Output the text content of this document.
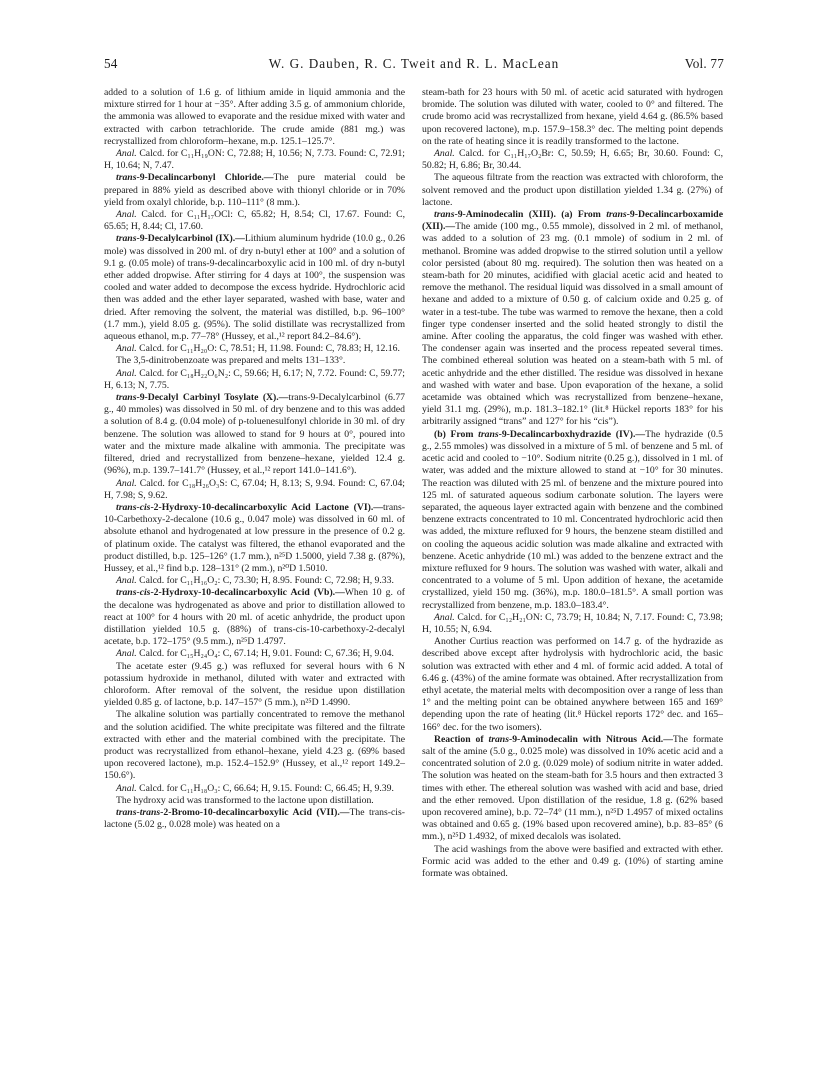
54	W. G. Dauben, R. C. Tweit and R. L. MacLean	Vol. 77

added to a solution of 1.6 g. of lithium amide in liquid ammonia and the mixture stirred for 1 hour at −35°. After adding 3.5 g. of ammonium chloride, the ammonia was allowed to evaporate and the residue mixed with water and extracted with carbon tetrachloride. The crude amide (881 mg.) was recrystallized from chloroform–hexane, m.p. 125.1–125.7°.

Anal. Calcd. for C₁₁H₁₉ON: C, 72.88; H, 10.56; N, 7.73. Found: C, 72.91; H, 10.64; N, 7.47.

trans-9-Decalincarbonyl Chloride.—The pure material could be prepared in 88% yield as described above with thionyl chloride or in 70% yield from oxalyl chloride, b.p. 110–111° (8 mm.).

Anal. Calcd. for C₁₁H₁₇OCl: C, 65.82; H, 8.54; Cl, 17.67. Found: C, 65.65; H, 8.44; Cl, 17.60.

trans-9-Decalylcarbinol (IX).—Lithium aluminum hydride (10.0 g., 0.26 mole) was dissolved in 200 ml. of dry n-butyl ether at 100° and a solution of 9.1 g. (0.05 mole) of trans-9-decalincarboxylic acid in 100 ml. of dry n-butyl ether added dropwise. After stirring for 4 days at 100°, the suspension was cooled and water added to decompose the excess hydride. Hydrochloric acid then was added and the ether layer separated, washed with base, water and dried. After removing the solvent, the material was distilled, b.p. 96–100° (1.7 mm.), yield 8.05 g. (95%). The solid distillate was recrystallized from aqueous ethanol, m.p. 77–78° (Hussey, et al.,¹² report 84.2–84.6°).

Anal. Calcd. for C₁₁H₂₀O: C, 78.51; H, 11.98. Found: C, 78.83; H, 12.16.

The 3,5-dinitrobenzoate was prepared and melts 131–133°.

Anal. Calcd. for C₁₈H₂₂O₆N₂: C, 59.66; H, 6.17; N, 7.72. Found: C, 59.77; H, 6.13; N, 7.75.

trans-9-Decalyl Carbinyl Tosylate (X).—trans-9-Decalylcarbinol (6.77 g., 40 mmoles) was dissolved in 50 ml. of dry benzene and to this was added a solution of 8.4 g. (0.04 mole) of p-toluenesulfonyl chloride in 30 ml. of dry benzene. The solution was allowed to stand for 9 hours at 0°, poured into water and the mixture made alkaline with ammonia. The precipitate was filtered, dried and recrystallized from benzene–hexane, yielded 12.4 g. (96%), m.p. 139.7–141.7° (Hussey, et al.,¹² report 141.0–141.6°).

Anal. Calcd. for C₁₈H₂₆O₃S: C, 67.04; H, 8.13; S, 9.94. Found: C, 67.04; H, 7.98; S, 9.62.

trans-cis-2-Hydroxy-10-decalincarboxylic Acid Lactone (VI).—trans-10-Carbethoxy-2-decalone (10.6 g., 0.047 mole) was dissolved in 60 ml. of absolute ethanol and hydrogenated at low pressure in the presence of 0.2 g. of platinum oxide. The catalyst was filtered, the ethanol evaporated and the product distilled, b.p. 125–126° (1.7 mm.), n²⁵D 1.5000, yield 7.38 g. (87%), Hussey, et al.,¹² find b.p. 128–131° (2 mm.), n²⁰D 1.5010.

Anal. Calcd. for C₁₁H₁₆O₂: C, 73.30; H, 8.95. Found: C, 72.98; H, 9.33.

trans-cis-2-Hydroxy-10-decalincarboxylic Acid (Vb).—When 10 g. of the decalone was hydrogenated as above and prior to distillation allowed to react at 100° for 4 hours with 20 ml. of acetic anhydride, the product upon distillation yielded 10.5 g. (88%) of trans-cis-10-carbethoxy-2-decalyl acetate, b.p. 172–175° (9.5 mm.), n²⁵D 1.4797.

Anal. Calcd. for C₁₅H₂₄O₄: C, 67.14; H, 9.01. Found: C, 67.36; H, 9.04.

The acetate ester (9.45 g.) was refluxed for several hours with 6 N potassium hydroxide in methanol, diluted with water and extracted with chloroform. After removal of the solvent, the residue upon distillation yielded 0.85 g. of lactone, b.p. 147–157° (5 mm.), n²⁵D 1.4990.

The alkaline solution was partially concentrated to remove the methanol and the solution acidified. The white precipitate was filtered and the filtrate extracted with ether and the material combined with the precipitate. The product was recrystallized from ethanol–hexane, yield 4.23 g. (69% based upon recovered lactone), m.p. 152.4–152.9° (Hussey, et al.,¹² report 149.2–150.6°).

Anal. Calcd. for C₁₁H₁₈O₃: C, 66.64; H, 9.15. Found: C, 66.45; H, 9.39.

The hydroxy acid was transformed to the lactone upon distillation.

trans-trans-2-Bromo-10-decalincarboxylic Acid (VII).—The trans-cis-lactone (5.02 g., 0.028 mole) was heated on a

steam-bath for 23 hours with 50 ml. of acetic acid saturated with hydrogen bromide. The solution was diluted with water, cooled to 0° and filtered. The crude bromo acid was recrystallized from hexane, yield 4.64 g. (86.5% based upon recovered lactone), m.p. 157.9–158.3° dec. The melting point depends on the rate of heating since it is readily transformed to the lactone.

Anal. Calcd. for C₁₁H₁₇O₂Br: C, 50.59; H, 6.65; Br, 30.60. Found: C, 50.82; H, 6.86; Br, 30.44.

The aqueous filtrate from the reaction was extracted with chloroform, the solvent removed and the product upon distillation yielded 1.34 g. (27%) of lactone.

trans-9-Aminodecalin (XIII). (a) From trans-9-Decalincarboxamide (XII).—The amide (100 mg., 0.55 mmole), dissolved in 2 ml. of methanol, was added to a solution of 23 mg. (0.1 mmole) of sodium in 2 ml. of methanol. Bromine was added dropwise to the stirred solution until a yellow color persisted (about 80 mg. required). The solution then was heated on a steam-bath for 20 minutes, acidified with glacial acetic acid and heated to remove the methanol. The residual liquid was dissolved in a small amount of hexane and added to a mixture of 0.50 g. of calcium oxide and 0.25 g. of water in a test-tube. The tube was warmed to remove the hexane, then a cold finger type condenser inserted and the solid heated strongly to distil the amine. After cooling the apparatus, the cold finger was washed with ether. The condenser again was inserted and the process repeated several times. The combined ethereal solution was heated on a steam-bath with 5 ml. of acetic anhydride and the ether distilled. The residue was dissolved in hexane and washed with water and base. Upon evaporation of the hexane, a solid acetamide was obtained which was recrystallized from benzene–hexane, yield 31.1 mg. (29%), m.p. 181.3–182.1° (lit.⁸ Hückel reports 183° for his arbitrarily assigned “trans” and 127° for his “cis”).

(b) From trans-9-Decalincarboxhydrazide (IV).—The hydrazide (0.5 g., 2.55 mmoles) was dissolved in a mixture of 5 ml. of benzene and 5 ml. of acetic acid and cooled to −10°. Sodium nitrite (0.25 g.), dissolved in 1 ml. of water, was added and the mixture allowed to stand at −10° for 30 minutes. The reaction was diluted with 25 ml. of benzene and the mixture poured into 125 ml. of saturated aqueous sodium carbonate solution. The layers were separated, the aqueous layer extracted again with benzene and the combined benzene extracts concentrated to 10 ml. Concentrated hydrochloric acid then was added, the mixture refluxed for 9 hours, the benzene steam distilled and on cooling the aqueous acidic solution was made alkaline and extracted with benzene. Acetic anhydride (10 ml.) was added to the benzene extract and the mixture refluxed for 9 hours. The solution was washed with water, alkali and concentrated to a volume of 5 ml. Upon addition of hexane, the acetamide crystallized, yield 150 mg. (36%), m.p. 180.0–181.5°. A small portion was recrystallized from benzene, m.p. 183.0–183.4°.

Anal. Calcd. for C₁₂H₂₁ON: C, 73.79; H, 10.84; N, 7.17. Found: C, 73.98; H, 10.55; N, 6.94.

Another Curtius reaction was performed on 14.7 g. of the hydrazide as described above except after hydrolysis with hydrochloric acid, the basic solution was extracted with ether and 4 ml. of formic acid added. A total of 6.46 g. (43%) of the amine formate was obtained. After recrystallization from ethyl acetate, the material melts with decomposition over a range of less than 1° and the melting point can be obtained anywhere between 165 and 169° depending upon the rate of heating (lit.⁸ Hückel reports 172° dec. and 165–166° dec. for the two isomers).

Reaction of trans-9-Aminodecalin with Nitrous Acid.—The formate salt of the amine (5.0 g., 0.025 mole) was dissolved in 10% acetic acid and a concentrated solution of 2.0 g. (0.029 mole) of sodium nitrite in water added. The solution was heated on the steam-bath for 3.5 hours and then extracted 3 times with ether. The ethereal solution was washed with acid and base, dried and the ether removed. Upon distillation of the residue, 1.8 g. (62% based upon recovered amine), b.p. 72–74° (11 mm.), n²⁵D 1.4957 of mixed octalins was obtained and 0.65 g. (19% based upon recovered amine), b.p. 83–85° (6 mm.), n²⁵D 1.4932, of mixed decalols was isolated.

The acid washings from the above were basified and extracted with ether. Formic acid was added to the ether and 0.49 g. (10%) of starting amine formate was obtained.
